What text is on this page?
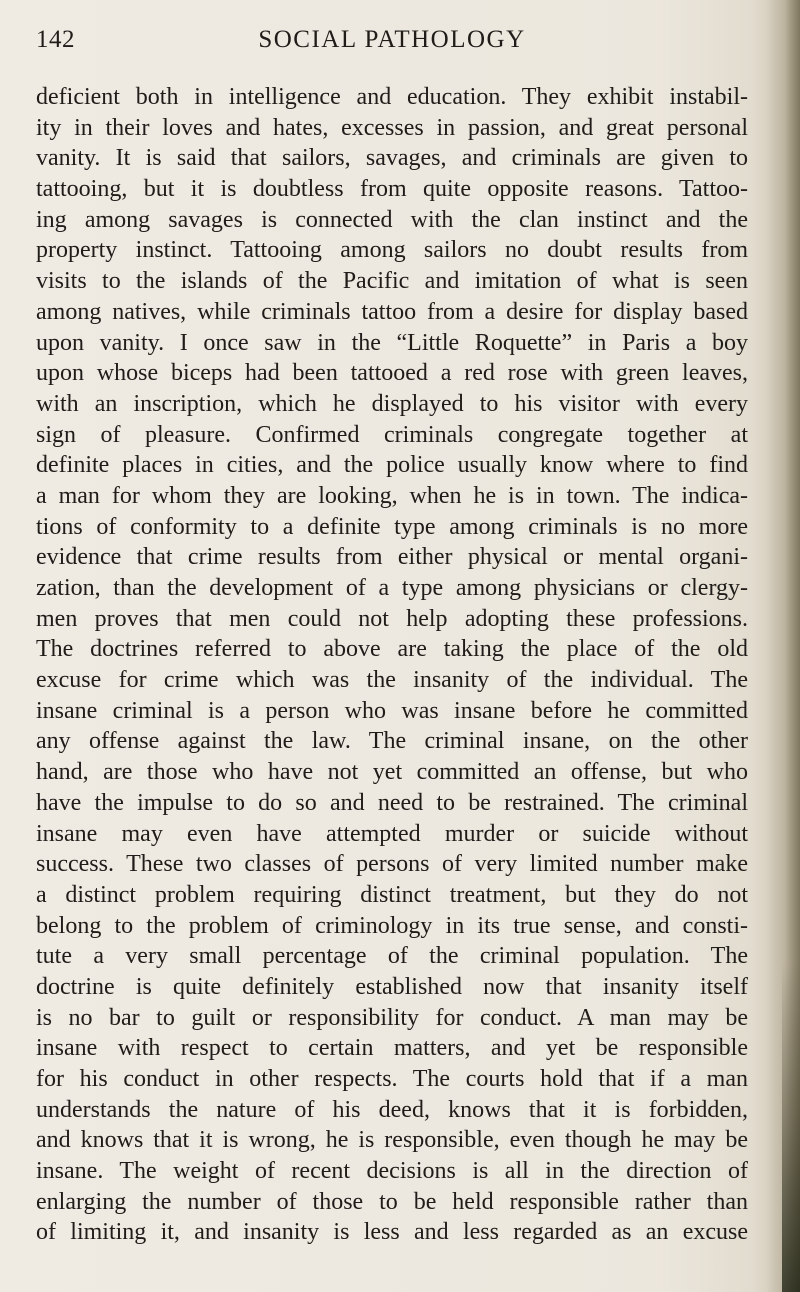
142	SOCIAL PATHOLOGY
deficient both in intelligence and education. They exhibit instabil-
ity in their loves and hates, excesses in passion, and great personal
vanity. It is said that sailors, savages, and criminals are given to
tattooing, but it is doubtless from quite opposite reasons. Tattoo-
ing among savages is connected with the clan instinct and the
property instinct. Tattooing among sailors no doubt results from
visits to the islands of the Pacific and imitation of what is seen
among natives, while criminals tattoo from a desire for display based
upon vanity. I once saw in the “Little Roquette” in Paris a boy
upon whose biceps had been tattooed a red rose with green leaves,
with an inscription, which he displayed to his visitor with every
sign of pleasure. Confirmed criminals congregate together at
definite places in cities, and the police usually know where to find
a man for whom they are looking, when he is in town. The indica-
tions of conformity to a definite type among criminals is no more
evidence that crime results from either physical or mental organi-
zation, than the development of a type among physicians or clergy-
men proves that men could not help adopting these professions.
The doctrines referred to above are taking the place of the old
excuse for crime which was the insanity of the individual. The
insane criminal is a person who was insane before he committed
any offense against the law. The criminal insane, on the other
hand, are those who have not yet committed an offense, but who
have the impulse to do so and need to be restrained. The criminal
insane may even have attempted murder or suicide without
success. These two classes of persons of very limited number make
a distinct problem requiring distinct treatment, but they do not
belong to the problem of criminology in its true sense, and consti-
tute a very small percentage of the criminal population. The
doctrine is quite definitely established now that insanity itself
is no bar to guilt or responsibility for conduct. A man may be
insane with respect to certain matters, and yet be responsible
for his conduct in other respects. The courts hold that if a man
understands the nature of his deed, knows that it is forbidden,
and knows that it is wrong, he is responsible, even though he may be
insane. The weight of recent decisions is all in the direction of
enlarging the number of those to be held responsible rather than
of limiting it, and insanity is less and less regarded as an excuse
